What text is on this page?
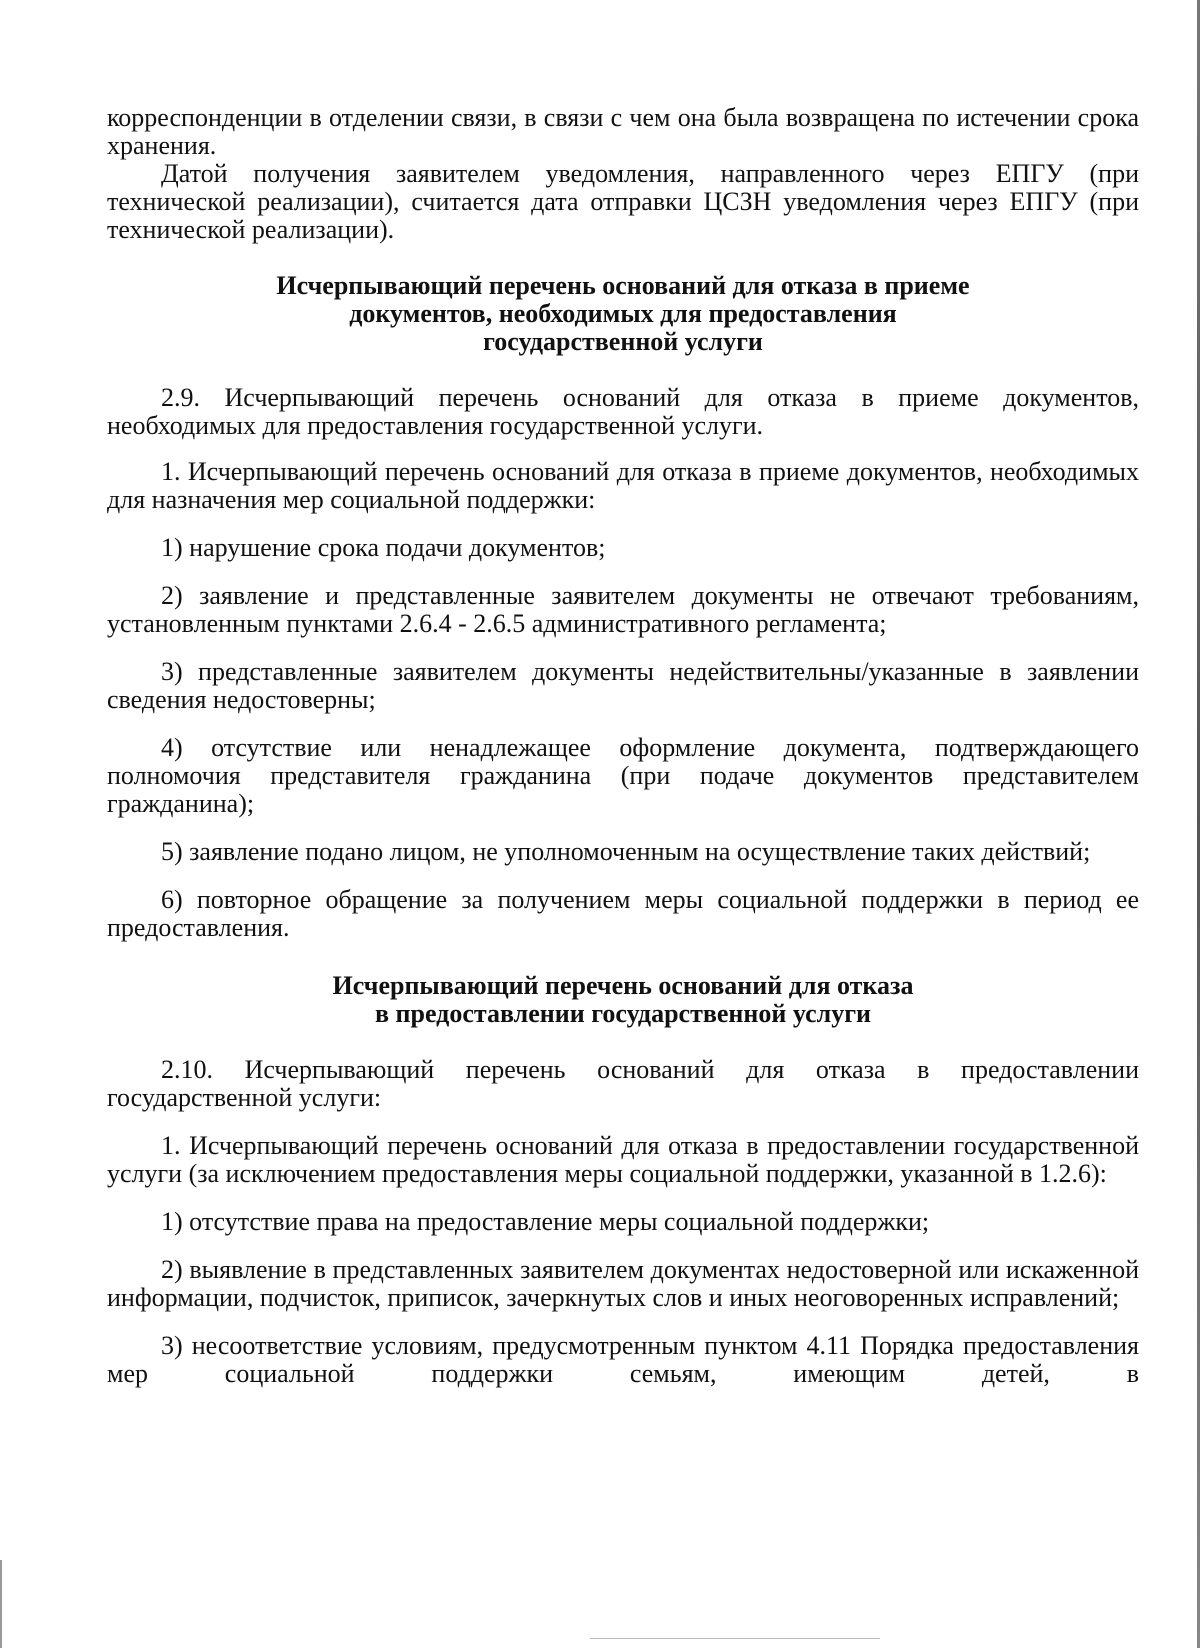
корреспонденции в отделении связи, в связи с чем она была возвращена по истечении срока хранения.

Датой получения заявителем уведомления, направленного через ЕПГУ (при технической реализации), считается дата отправки ЦСЗН уведомления через ЕПГУ (при технической реализации).

Исчерпывающий перечень оснований для отказа в приеме
документов, необходимых для предоставления
государственной услуги

2.9. Исчерпывающий перечень оснований для отказа в приеме документов, необходимых для предоставления государственной услуги.

1. Исчерпывающий перечень оснований для отказа в приеме документов, необходимых для назначения мер социальной поддержки:

1) нарушение срока подачи документов;

2) заявление и представленные заявителем документы не отвечают требованиям, установленным пунктами 2.6.4 - 2.6.5 административного регламента;

3) представленные заявителем документы недействительны/указанные в заявлении сведения недостоверны;

4) отсутствие или ненадлежащее оформление документа, подтверждающего полномочия представителя гражданина (при подаче документов представителем гражданина);

5) заявление подано лицом, не уполномоченным на осуществление таких действий;

6) повторное обращение за получением меры социальной поддержки в период ее предоставления.

Исчерпывающий перечень оснований для отказа
в предоставлении государственной услуги

2.10. Исчерпывающий перечень оснований для отказа в предоставлении государственной услуги:

1. Исчерпывающий перечень оснований для отказа в предоставлении государственной услуги (за исключением предоставления меры социальной поддержки, указанной в 1.2.6):

1) отсутствие права на предоставление меры социальной поддержки;

2) выявление в представленных заявителем документах недостоверной или искаженной информации, подчисток, приписок, зачеркнутых слов и иных неоговоренных исправлений;

3) несоответствие условиям, предусмотренным пунктом 4.11 Порядка предоставления мер социальной поддержки семьям, имеющим детей, в
